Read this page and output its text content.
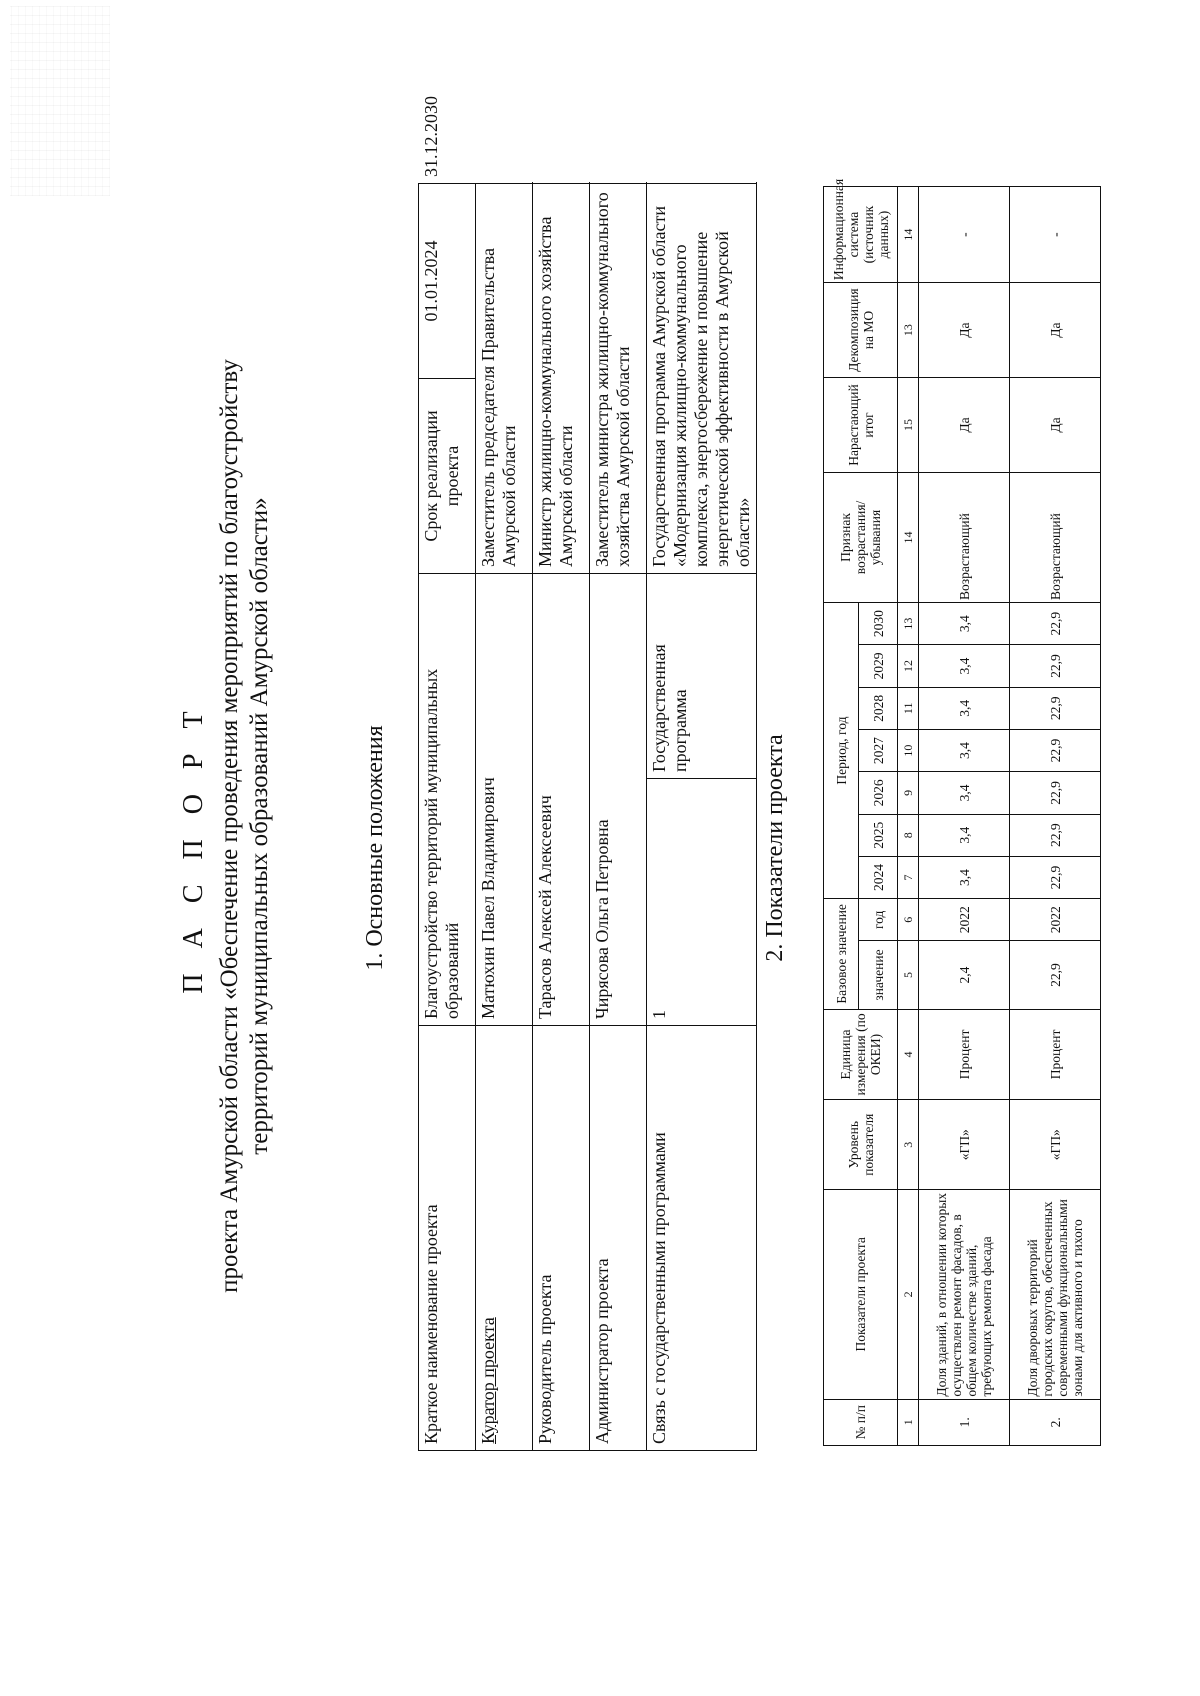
П А С П О Р Т проекта Амурской области «Обеспечение проведения мероприятий по благоустройству территорий муниципальных образований Амурской области»	1. Основные положения
Краткое наименование проекта	Благоустройство территорий муниципальных образований		Срок реализации проекта	01.01.2024	31.12.2030
Куратор проекта	Матюхин Павел Владимирович		Заместитель председателя Правительства Амурской области		
Руководитель проекта	Тарасов Алексей Алексеевич		Министр жилищно-коммунального хозяйства Амурской области		
Администратор проекта	Чирясова Ольга Петровна		Заместитель министра жилищно-коммунального хозяйства Амурской области		
Связь с государственными программами	1	Государственная программа	Государственная программа Амурской области «Модернизация жилищно-коммунального комплекса, энергосбережение и повышение энергетической эффективности в Амурской области»		
2. Показатели проекта
№ п/п	Показатели проекта	Уровень показателя	Единица измерения (по ОКЕИ)	Базовое значение		Период, год							Признак возрастания/ убывания	Нарастающий итог	Декомпозиция на МО	Информационная система (источник данных)
				значение	год	2024	2025	2026	2027	2028	2029	2030				
1	2	3	4	5	6	7	8	9	10	11	12	13	14	15	13	14
1.	Доля зданий, в отношении которых осуществлен ремонт фасадов, в общем количестве зданий, требующих ремонта фасада	«ГП»	Процент	2,4	2022	3,4	3,4	3,4	3,4	3,4	3,4	3,4	Возрастающий	Да	Да	-
2.	Доля дворовых территорий городских округов, обеспеченных современными функциональными зонами для активного и тихого	«ГП»	Процент	22,9	2022	22,9	22,9	22,9	22,9	22,9	22,9	22,9	Возрастающий	Да	Да	-
